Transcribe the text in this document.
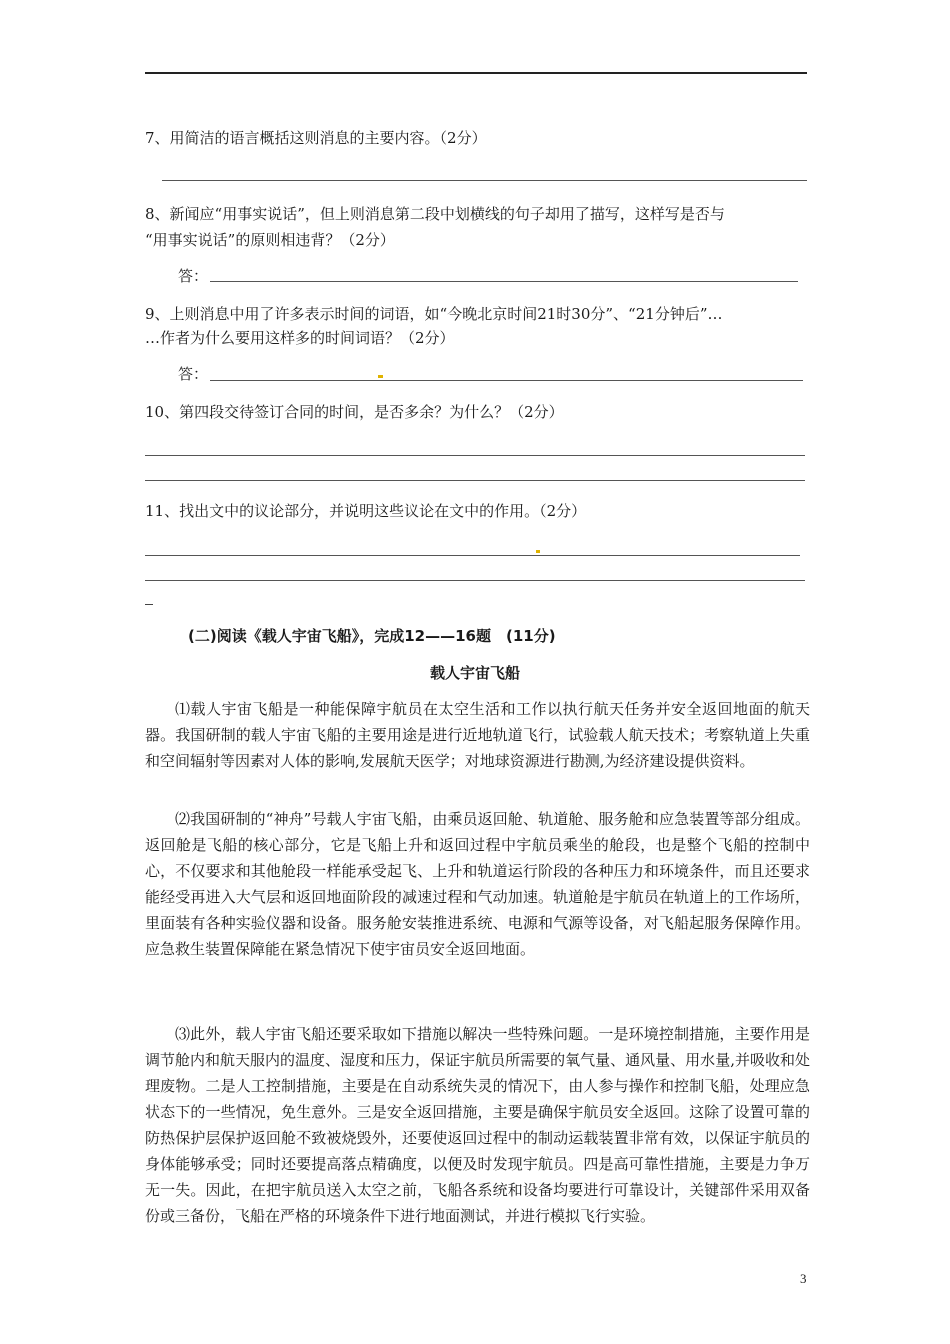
7、用简洁的语言概括这则消息的主要内容。（2分）
8、新闻应“用事实说话”，但上则消息第二段中划横线的句子却用了描写，这样写是否与
“用事实说话”的原则相违背？（2分）
答：
9、上则消息中用了许多表示时间的词语，如“今晚北京时间21时30分”、“21分钟后”…
…作者为什么要用这样多的时间词语？（2分）
答：
10、第四段交待签订合同的时间，是否多余？为什么？（2分）
11、找出文中的议论部分，并说明这些议论在文中的作用。（2分）
(二)阅读《载人宇宙飞船》，完成12——16题　(11分)
载人宇宙飞船
⑴载人宇宙飞船是一种能保障宇航员在太空生活和工作以执行航天任务并安全返回地面的航天器。我国研制的载人宇宙飞船的主要用途是进行近地轨道飞行，试验载人航天技术；考察轨道上失重和空间辐射等因素对人体的影响,发展航天医学；对地球资源进行勘测,为经济建设提供资料。
⑵我国研制的“神舟”号载人宇宙飞船，由乘员返回舱、轨道舱、服务舱和应急装置等部分组成。返回舱是飞船的核心部分，它是飞船上升和返回过程中宇航员乘坐的舱段，也是整个飞船的控制中心，不仅要求和其他舱段一样能承受起飞、上升和轨道运行阶段的各种压力和环境条件，而且还要求能经受再进入大气层和返回地面阶段的减速过程和气动加速。轨道舱是宇航员在轨道上的工作场所，里面装有各种实验仪器和设备。服务舱安装推进系统、电源和气源等设备，对飞船起服务保障作用。应急救生装置保障能在紧急情况下使宇宙员安全返回地面。
⑶此外，载人宇宙飞船还要采取如下措施以解决一些特殊问题。一是环境控制措施，主要作用是调节舱内和航天服内的温度、湿度和压力，保证宇航员所需要的氧气量、通风量、用水量,并吸收和处理废物。二是人工控制措施，主要是在自动系统失灵的情况下，由人参与操作和控制飞船，处理应急状态下的一些情况，免生意外。三是安全返回措施，主要是确保宇航员安全返回。这除了设置可靠的防热保护层保护返回舱不致被烧毁外，还要使返回过程中的制动运载装置非常有效，以保证宇航员的身体能够承受；同时还要提高落点精确度，以便及时发现宇航员。四是高可靠性措施，主要是力争万无一失。因此，在把宇航员送入太空之前，飞船各系统和设备均要进行可靠设计，关键部件采用双备份或三备份，飞船在严格的环境条件下进行地面测试，并进行模拟飞行实验。
3
